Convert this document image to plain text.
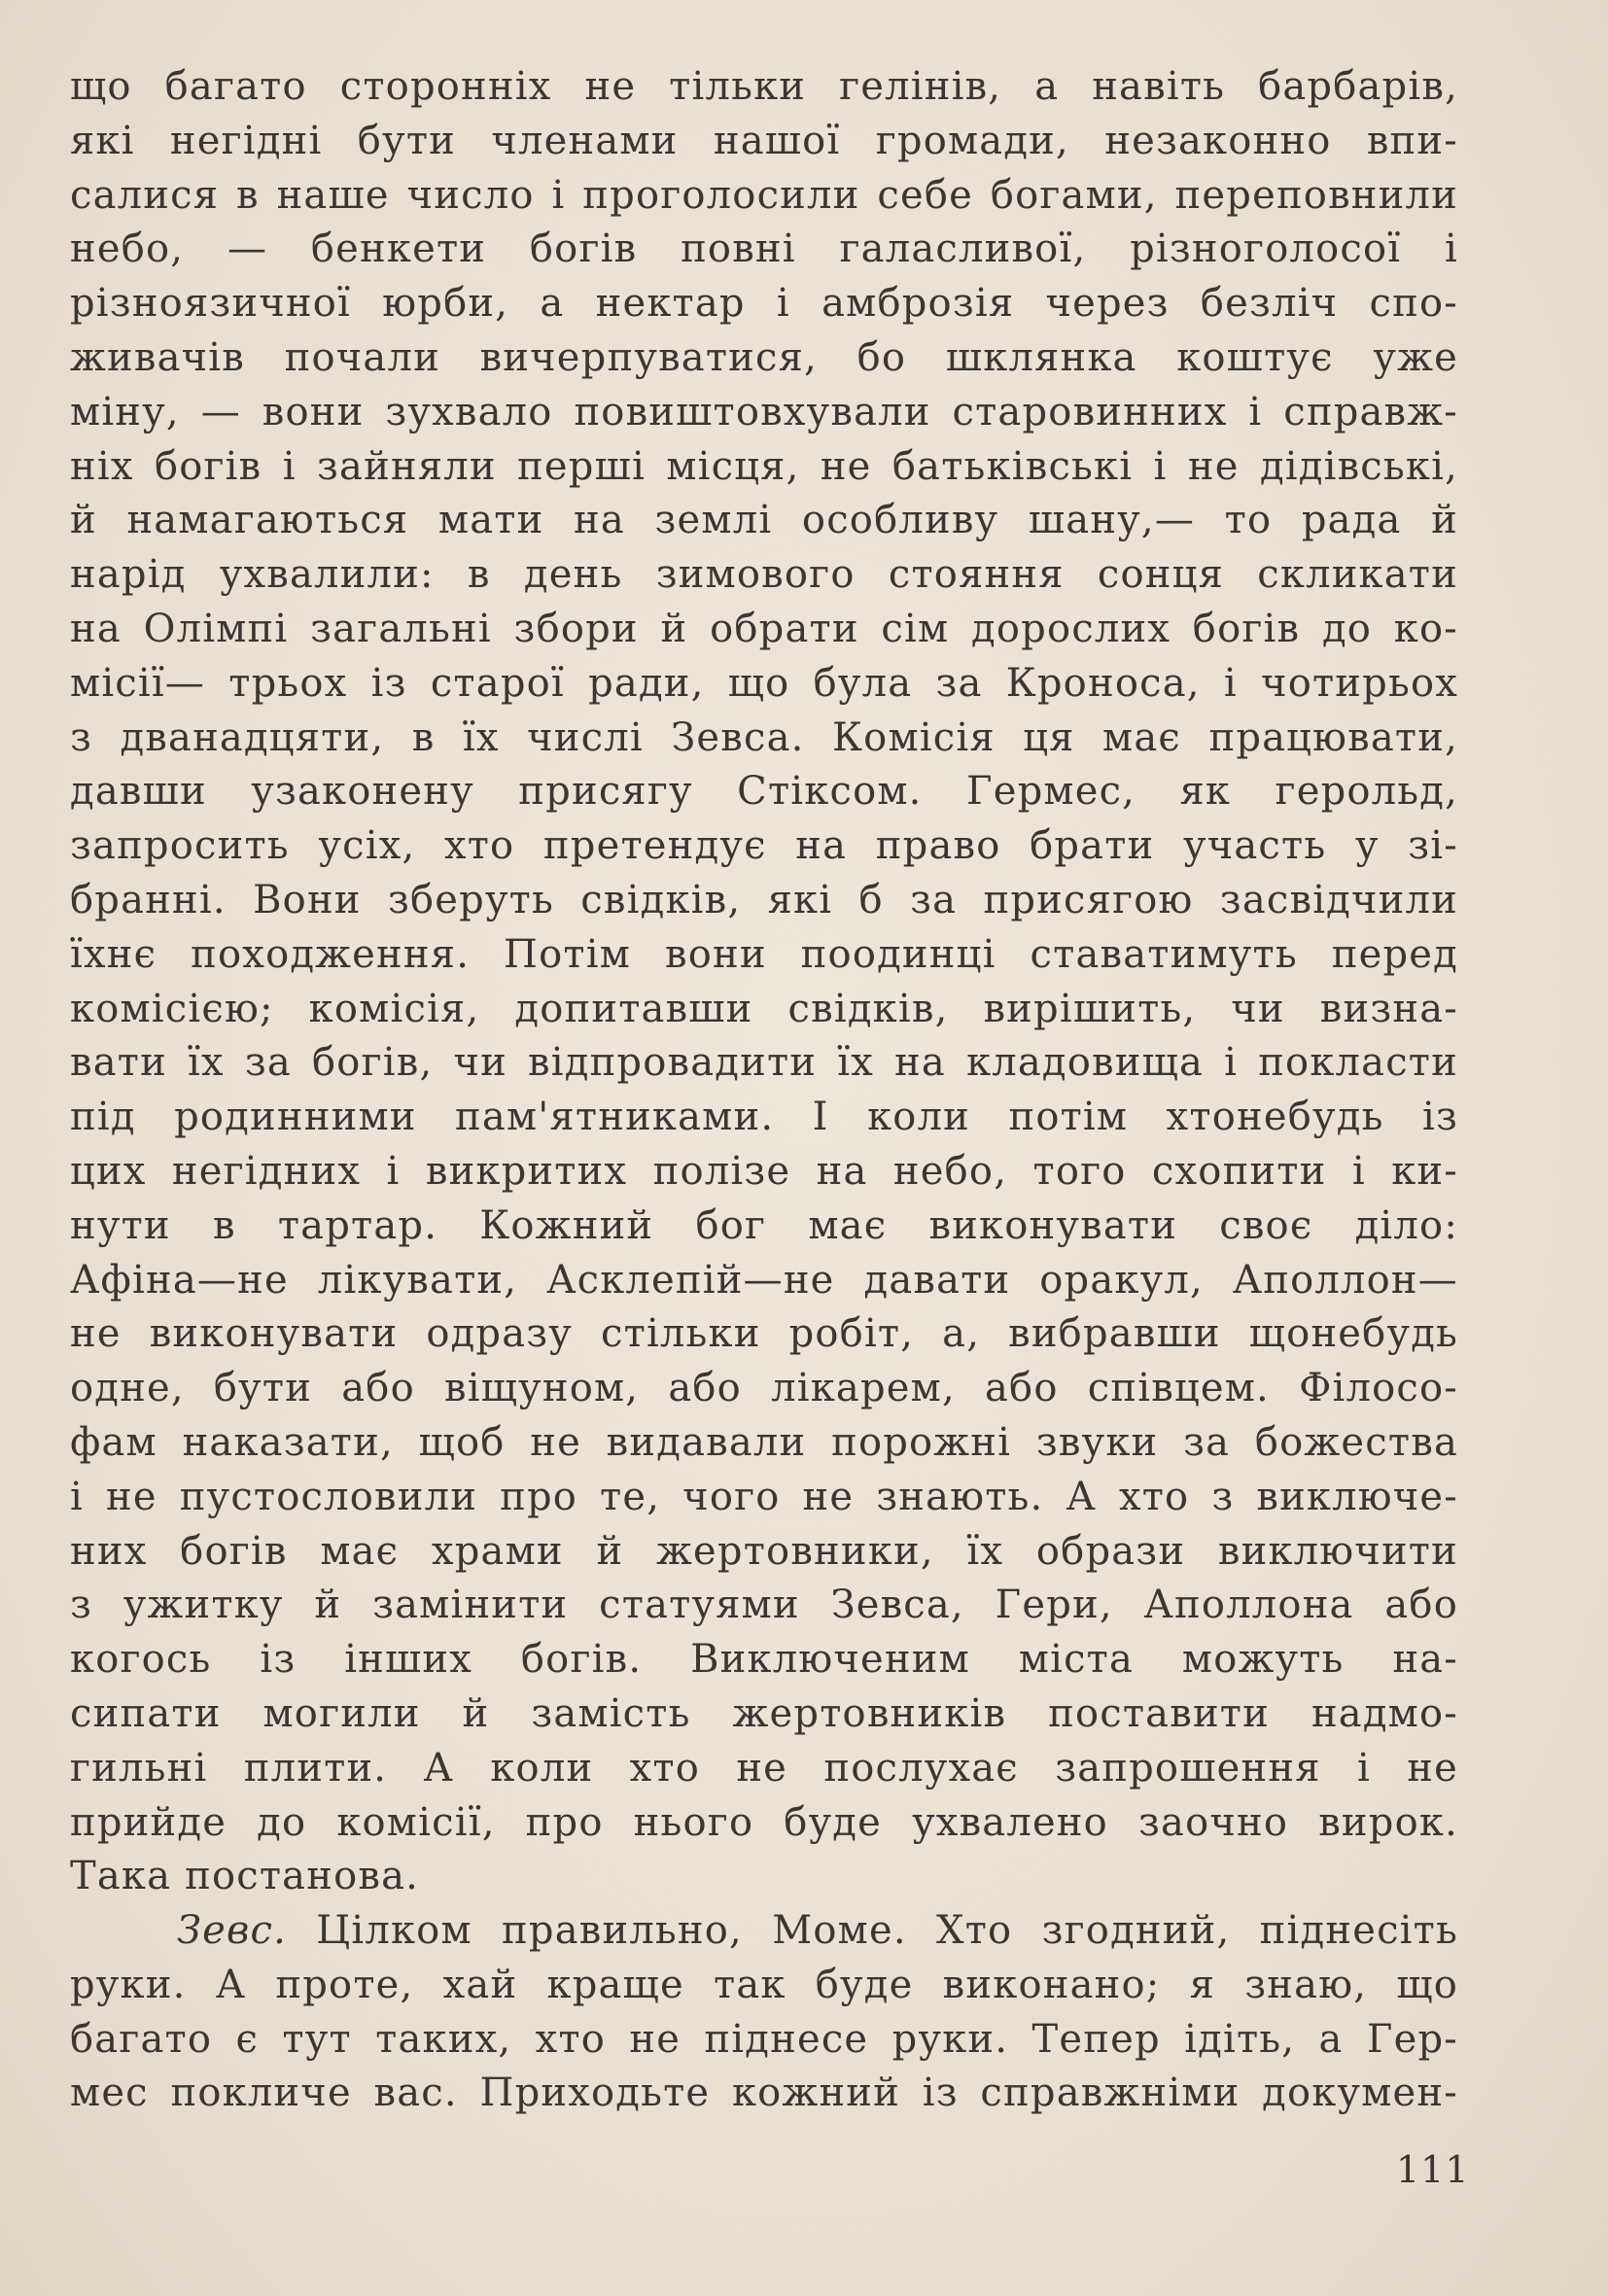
що багато сторонніх не тільки гелінів, а навіть барбарів,
які негідні бути членами нашої громади, незаконно впи-
салися в наше число і проголосили себе богами, переповнили
небо, — бенкети богів повні галасливої, різноголосої і
різноязичної юрби, а нектар і амброзія через безліч спо-
живачів почали вичерпуватися, бо шклянка коштує уже
міну, — вони зухвало повиштовхували старовинних і справж-
ніх богів і зайняли перші місця, не батьківські і не дідівські,
й намагаються мати на землі особливу шану,— то рада й
нарід ухвалили: в день зимового стояння сонця скликати
на Олімпі загальні збори й обрати сім дорослих богів до ко-
місії— трьох із старої ради, що була за Кроноса, і чотирьох
з дванадцяти, в їх числі Зевса. Комісія ця має працювати,
давши узаконену присягу Стіксом. Гермес, як герольд,
запросить усіх, хто претендує на право брати участь у зі-
бранні. Вони зберуть свідків, які б за присягою засвідчили
їхнє походження. Потім вони поодинці ставатимуть перед
комісією; комісія, допитавши свідків, вирішить, чи визна-
вати їх за богів, чи відпровадити їх на кладовища і покласти
під родинними пам'ятниками. І коли потім хтонебудь із
цих негідних і викритих полізе на небо, того схопити і ки-
нути в тартар. Кожний бог має виконувати своє діло:
Афіна—не лікувати, Асклепій—не давати оракул, Аполлон—
не виконувати одразу стільки робіт, а, вибравши щонебудь
одне, бути або віщуном, або лікарем, або співцем. Філосо-
фам наказати, щоб не видавали порожні звуки за божества
і не пустословили про те, чого не знають. А хто з виключе-
них богів має храми й жертовники, їх образи виключити
з ужитку й замінити статуями Зевса, Гери, Аполлона або
когось із інших богів. Виключеним міста можуть на-
сипати могили й замість жертовників поставити надмо-
гильні плити. А коли хто не послухає запрошення і не
прийде до комісії, про нього буде ухвалено заочно вирок.
Така постанова.
Зевс. Цілком правильно, Моме. Хто згодний, піднесіть
руки. А проте, хай краще так буде виконано; я знаю, що
багато є тут таких, хто не піднесе руки. Тепер ідіть, а Гер-
мес покличе вас. Приходьте кожний із справжніми докумен-
111
